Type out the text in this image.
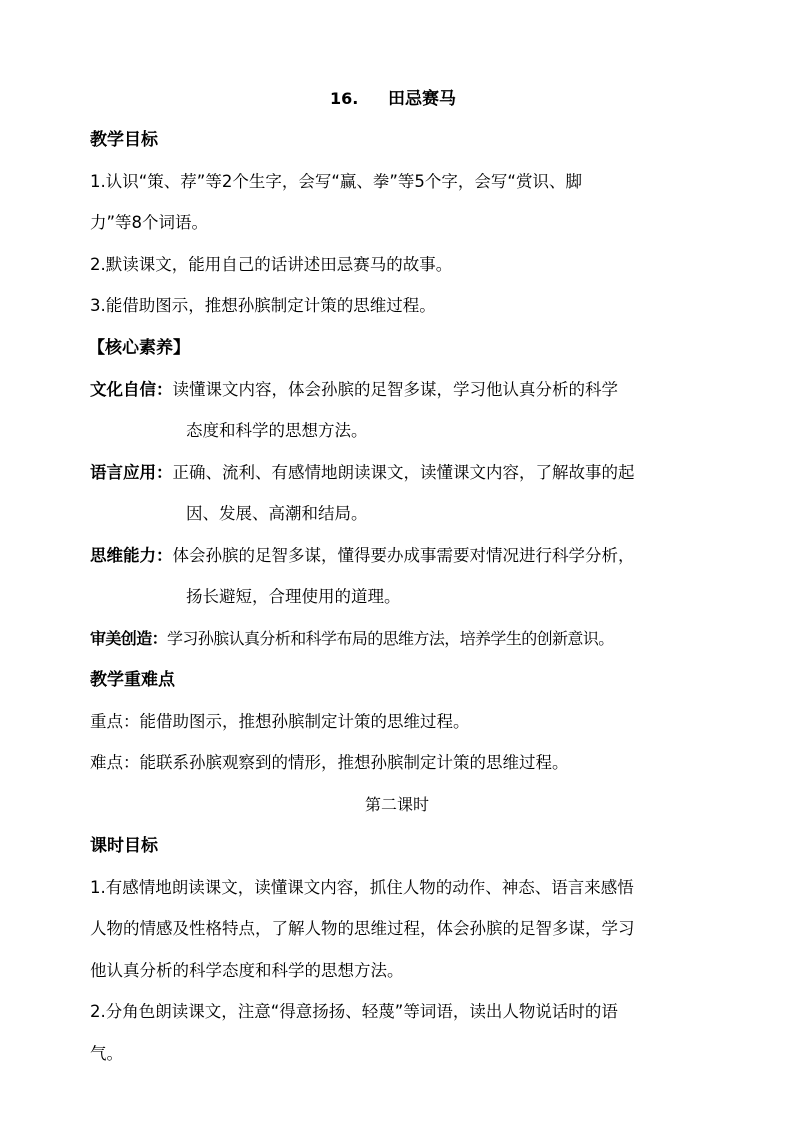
16. 田忌赛马
教学目标
1.认识“策、荐”等2个生字，会写“赢、拳”等5个字，会写“赏识、脚
力”等8个词语。
2.默读课文，能用自己的话讲述田忌赛马的故事。
3.能借助图示，推想孙膑制定计策的思维过程。
【核心素养】
文化自信：读懂课文内容，体会孙膑的足智多谋，学习他认真分析的科学
态度和科学的思想方法。
语言应用：正确、流利、有感情地朗读课文，读懂课文内容，了解故事的起
因、发展、高潮和结局。
思维能力：体会孙膑的足智多谋，懂得要办成事需要对情况进行科学分析，
扬长避短，合理使用的道理。
审美创造：学习孙膑认真分析和科学布局的思维方法，培养学生的创新意识。
教学重难点
重点：能借助图示，推想孙膑制定计策的思维过程。
难点：能联系孙膑观察到的情形，推想孙膑制定计策的思维过程。
第二课时
课时目标
1.有感情地朗读课文，读懂课文内容，抓住人物的动作、神态、语言来感悟
人物的情感及性格特点，了解人物的思维过程，体会孙膑的足智多谋，学习
他认真分析的科学态度和科学的思想方法。
2.分角色朗读课文，注意“得意扬扬、轻蔑”等词语，读出人物说话时的语
气。
